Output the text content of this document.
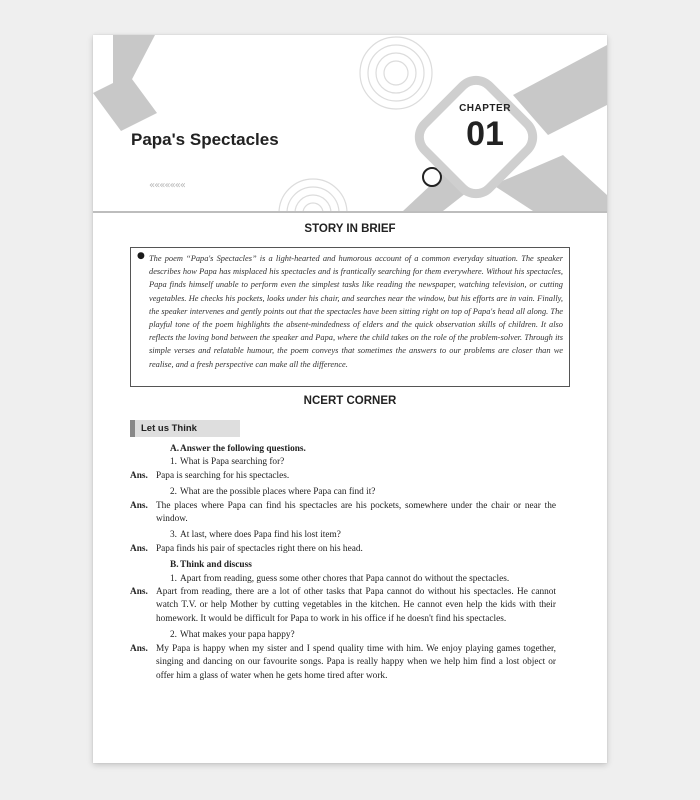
Papa's Spectacles
CHAPTER
01
«««««««
STORY IN BRIEF
● The poem “Papa's Spectacles” is a light-hearted and humorous account of a common everyday situation. The speaker describes how Papa has misplaced his spectacles and is frantically searching for them everywhere. Without his spectacles, Papa finds himself unable to perform even the simplest tasks like reading the newspaper, watching television, or cutting vegetables. He checks his pockets, looks under his chair, and searches near the window, but his efforts are in vain. Finally, the speaker intervenes and gently points out that the spectacles have been sitting right on top of Papa's head all along. The playful tone of the poem highlights the absent-mindedness of elders and the quick observation skills of children. It also reflects the loving bond between the speaker and Papa, where the child takes on the role of the problem-solver. Through its simple verses and relatable humour, the poem conveys that sometimes the answers to our problems are closer than we realise, and a fresh perspective can make all the difference.

NCERT CORNER
Let us Think
A. Answer the following questions.
1. What is Papa searching for?
Ans. Papa is searching for his spectacles.
2. What are the possible places where Papa can find it?
Ans. The places where Papa can find his spectacles are his pockets, somewhere under the chair or near the window.
3. At last, where does Papa find his lost item?
Ans. Papa finds his pair of spectacles right there on his head.
B. Think and discuss
1. Apart from reading, guess some other chores that Papa cannot do without the spectacles.
Ans. Apart from reading, there are a lot of other tasks that Papa cannot do without his spectacles. He cannot watch T.V. or help Mother by cutting vegetables in the kitchen. He cannot even help the kids with their homework. It would be difficult for Papa to work in his office if he doesn't find his spectacles.
2. What makes your papa happy?
Ans. My Papa is happy when my sister and I spend quality time with him. We enjoy playing games together, singing and dancing on our favourite songs. Papa is really happy when we help him find a lost object or offer him a glass of water when he gets home tired after work.
